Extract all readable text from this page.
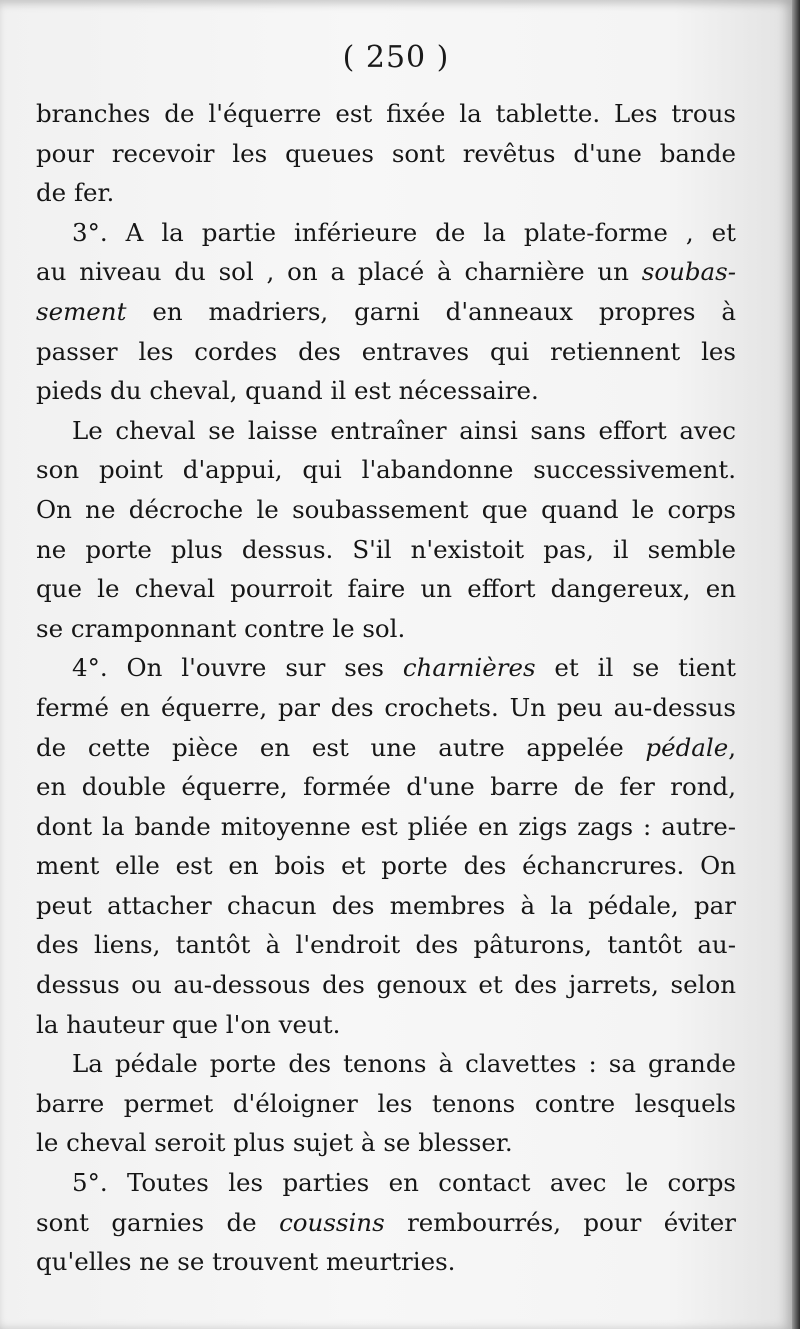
( 250 )
branches de l'équerre est fixée la tablette. Les trous
pour recevoir les queues sont revêtus d'une bande
de fer.
3°. A la partie inférieure de la plate-forme , et
au niveau du sol , on a placé à charnière un soubas-
sement en madriers, garni d'anneaux propres à
passer les cordes des entraves qui retiennent les
pieds du cheval, quand il est nécessaire.
Le cheval se laisse entraîner ainsi sans effort avec
son point d'appui, qui l'abandonne successivement.
On ne décroche le soubassement que quand le corps
ne porte plus dessus. S'il n'existoit pas, il semble
que le cheval pourroit faire un effort dangereux, en
se cramponnant contre le sol.
4°. On l'ouvre sur ses charnières et il se tient
fermé en équerre, par des crochets. Un peu au-dessus
de cette pièce en est une autre appelée pédale,
en double équerre, formée d'une barre de fer rond,
dont la bande mitoyenne est pliée en zigs zags : autre-
ment elle est en bois et porte des échancrures. On
peut attacher chacun des membres à la pédale, par
des liens, tantôt à l'endroit des pâturons, tantôt au-
dessus ou au-dessous des genoux et des jarrets, selon
la hauteur que l'on veut.
La pédale porte des tenons à clavettes : sa grande
barre permet d'éloigner les tenons contre lesquels
le cheval seroit plus sujet à se blesser.
5°. Toutes les parties en contact avec le corps
sont garnies de coussins rembourrés, pour éviter
qu'elles ne se trouvent meurtries.
